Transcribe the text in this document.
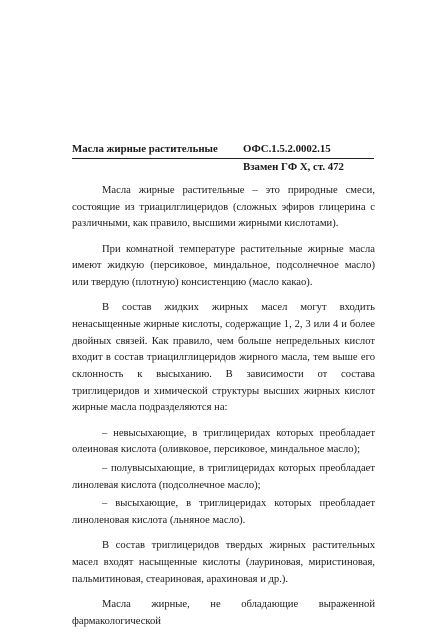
Масла жирные растительные ОФС.1.5.2.0002.15
Взамен ГФ X, ст. 472

Масла жирные растительные – это природные смеси, состоящие из триацилглицеридов (сложных эфиров глицерина с различными, как правило, высшими жирными кислотами).

При комнатной температуре растительные жирные масла имеют жидкую (персиковое, миндальное, подсолнечное масло) или твердую (плотную) консистенцию (масло какао).

В состав жидких жирных масел могут входить ненасыщенные жирные кислоты, содержащие 1, 2, 3 или 4 и более двойных связей. Как правило, чем больше непредельных кислот входит в состав триацилглицеридов жирного масла, тем выше его склонность к высыханию. В зависимости от состава триглицеридов и химической структуры высших жирных кислот жирные масла подразделяются на:

– невысыхающие, в триглицеридах которых преобладает олеиновая кислота (оливковое, персиковое, миндальное масло);

– полувысыхающие, в триглицеридах которых преобладает линолевая кислота (подсолнечное масло);

– высыхающие, в триглицеридах которых преобладает линоленовая кислота (льняное масло).

В состав триглицеридов твердых жирных растительных масел входят насыщенные кислоты (лауриновая, миристиновая, пальмитиновая, стеариновая, арахиновая и др.).

Масла жирные, не обладающие выраженной фармакологической
